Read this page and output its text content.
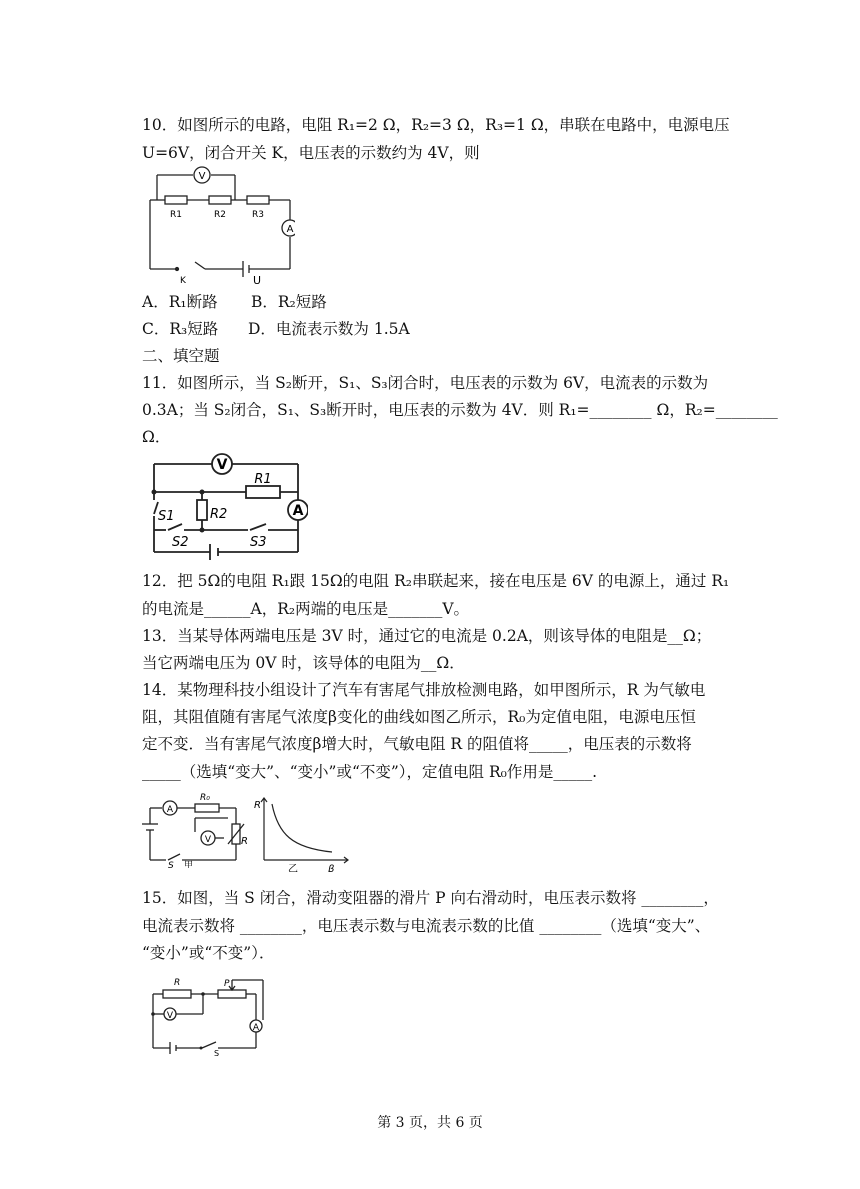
10．如图所示的电路，电阻 R₁=2 Ω，R₂=3 Ω，R₃=1 Ω，串联在电路中，电源电压
U=6V，闭合开关 K，电压表的示数约为 4V，则
V
A
R1	R2	R3
K	U
A．R₁断路 B．R₂短路
C．R₃短路 D．电流表示数为 1.5A
二、填空题
11．如图所示，当 S₂断开，S₁、S₃闭合时，电压表的示数为 6V，电流表的示数为
0.3A；当 S₂闭合，S₁、S₃断开时，电压表的示数为 4V．则 R₁=________ Ω，R₂=________
Ω．
V
A
R1
R2
S1
S2	S3
12．把 5Ω的电阻 R₁跟 15Ω的电阻 R₂串联起来，接在电压是 6V 的电源上，通过 R₁
的电流是______A，R₂两端的电压是_______V。
13．当某导体两端电压是 3V 时，通过它的电流是 0.2A，则该导体的电阻是__Ω；
当它两端电压为 0V 时，该导体的电阻为__Ω．
14．某物理科技小组设计了汽车有害尾气排放检测电路，如甲图所示，R 为气敏电
阻，其阻值随有害尾气浓度β变化的曲线如图乙所示，R₀为定值电阻，电源电压恒
定不变．当有害尾气浓度β增大时，气敏电阻 R 的阻值将_____，电压表的示数将
_____（选填“变大”、“变小”或“不变”），定值电阻 R₀作用是_____.
A
V
R₀
R
S 甲
R
β
乙
15．如图，当 S 闭合，滑动变阻器的滑片 P 向右滑动时，电压表示数将 ________，
电流表示数将 ________，电压表示数与电流表示数的比值 ________（选填“变大”、
“变小”或“不变”）．
R	P
V
A
S
第 3 页，共 6 页
